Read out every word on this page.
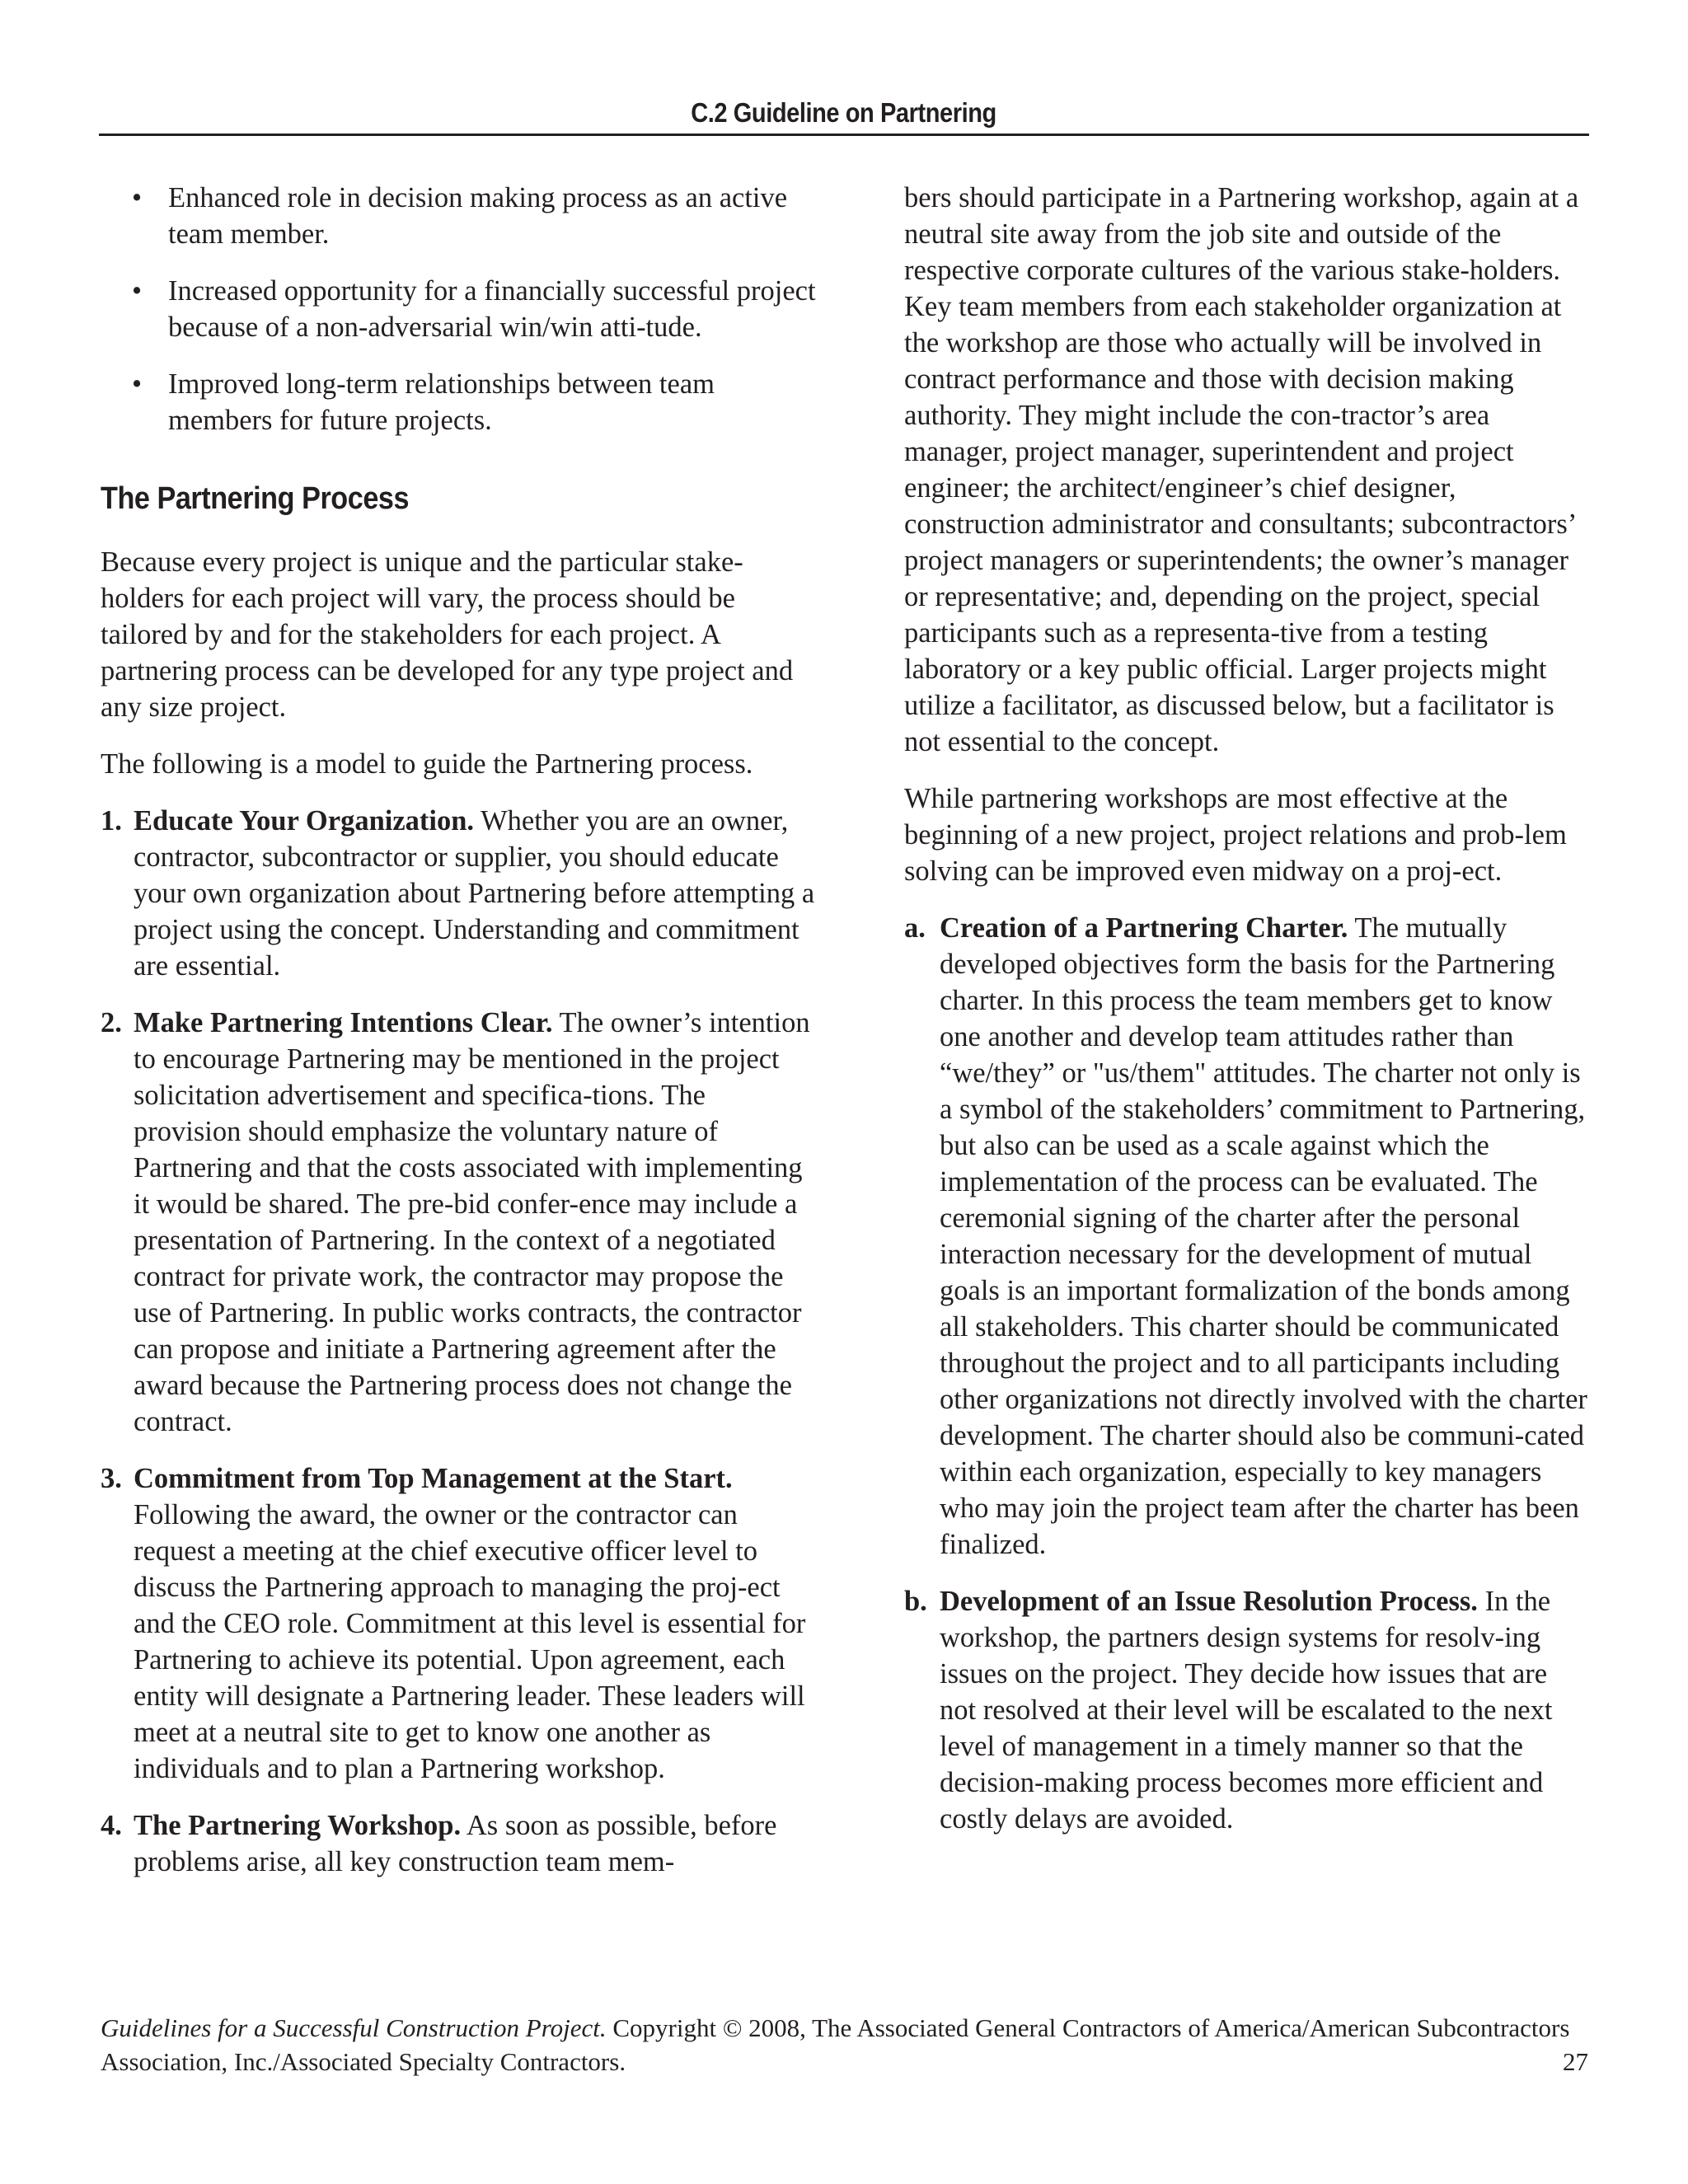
C.2 Guideline on Partnering
• Enhanced role in decision making process as an active team member.
• Increased opportunity for a financially successful project because of a non-adversarial win/win atti-tude.
• Improved long-term relationships between team members for future projects.
The Partnering Process

Because every project is unique and the particular stake-holders for each project will vary, the process should be tailored by and for the stakeholders for each project. A partnering process can be developed for any type project and any size project.

The following is a model to guide the Partnering process.

1. Educate Your Organization. Whether you are an owner, contractor, subcontractor or supplier, you should educate your own organization about Partnering before attempting a project using the concept. Understanding and commitment are essential.
2. Make Partnering Intentions Clear. The owner’s intention to encourage Partnering may be mentioned in the project solicitation advertisement and specifica-tions. The provision should emphasize the voluntary nature of Partnering and that the costs associated with implementing it would be shared. The pre-bid confer-ence may include a presentation of Partnering. In the context of a negotiated contract for private work, the contractor may propose the use of Partnering. In public works contracts, the contractor can propose and initiate a Partnering agreement after the award because the Partnering process does not change the contract.
3. Commitment from Top Management at the Start. Following the award, the owner or the contractor can request a meeting at the chief executive officer level to discuss the Partnering approach to managing the proj-ect and the CEO role. Commitment at this level is essential for Partnering to achieve its potential. Upon agreement, each entity will designate a Partnering leader. These leaders will meet at a neutral site to get to know one another as individuals and to plan a Partnering workshop.
4. The Partnering Workshop. As soon as possible, before problems arise, all key construction team mem-

bers should participate in a Partnering workshop, again at a neutral site away from the job site and outside of the respective corporate cultures of the various stake-holders. Key team members from each stakeholder organization at the workshop are those who actually will be involved in contract performance and those with decision making authority. They might include the con-tractor’s area manager, project manager, superintendent and project engineer; the architect/engineer’s chief designer, construction administrator and consultants; subcontractors’ project managers or superintendents; the owner’s manager or representative; and, depending on the project, special participants such as a representa-tive from a testing laboratory or a key public official. Larger projects might utilize a facilitator, as discussed below, but a facilitator is not essential to the concept.

While partnering workshops are most effective at the beginning of a new project, project relations and prob-lem solving can be improved even midway on a proj-ect.

a. Creation of a Partnering Charter. The mutually developed objectives form the basis for the Partnering charter. In this process the team members get to know one another and develop team attitudes rather than “we/they” or "us/them" attitudes. The charter not only is a symbol of the stakeholders’ commitment to Partnering, but also can be used as a scale against which the implementation of the process can be evaluated. The ceremonial signing of the charter after the personal interaction necessary for the development of mutual goals is an important formalization of the bonds among all stakeholders. This charter should be communicated throughout the project and to all participants including other organizations not directly involved with the charter development. The charter should also be communi-cated within each organization, especially to key managers who may join the project team after the charter has been finalized.
b. Development of an Issue Resolution Process. In the workshop, the partners design systems for resolv-ing issues on the project. They decide how issues that are not resolved at their level will be escalated to the next level of management in a timely manner so that the decision-making process becomes more efficient and costly delays are avoided.
Guidelines for a Successful Construction Project. Copyright © 2008, The Associated General Contractors of America/American Subcontractors Association, Inc./Associated Specialty Contractors.	27
